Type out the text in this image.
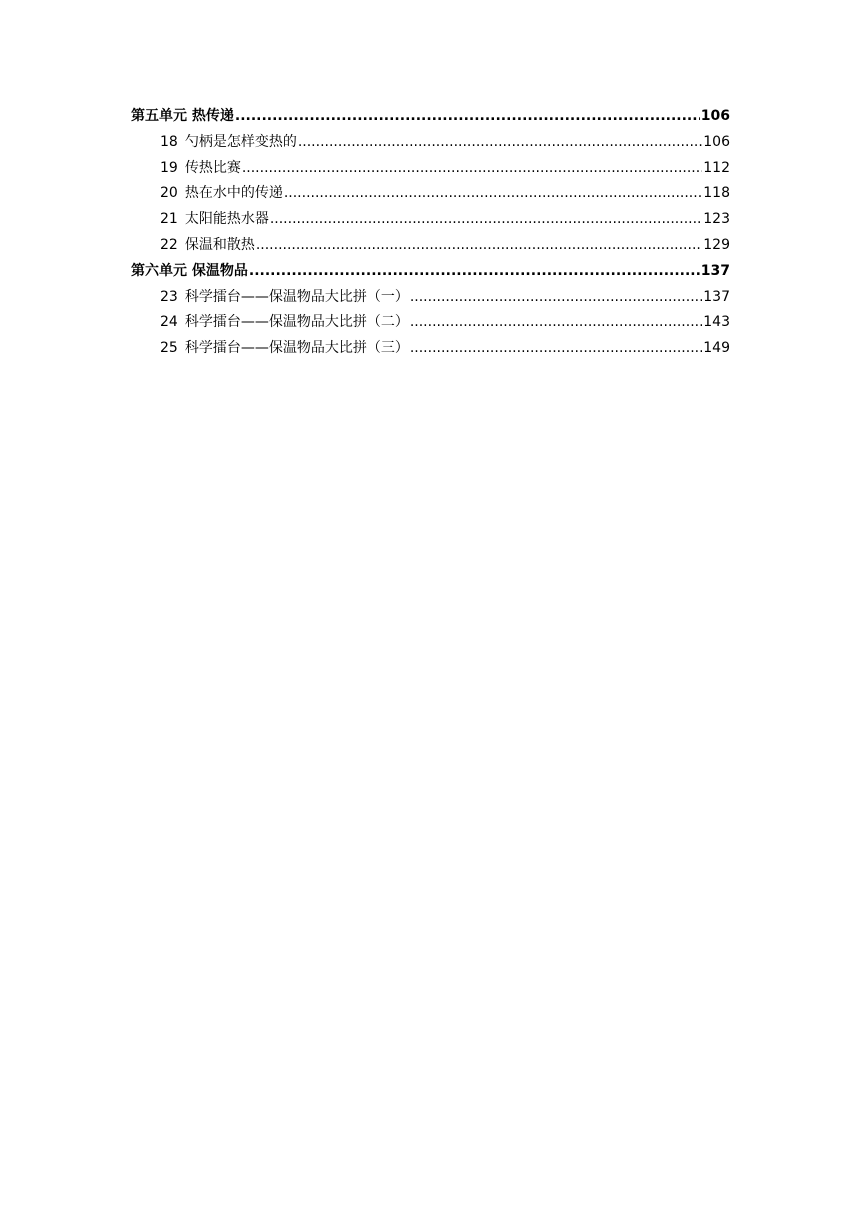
第五单元 热传递 .....	106
18 勺柄是怎样变热的 .....	106
19 传热比赛 .....	112
20 热在水中的传递 .....	118
21 太阳能热水器 .....	123
22 保温和散热 .....	129
第六单元 保温物品 .....	137
23 科学擂台——保温物品大比拼（一） .....	137
24 科学擂台——保温物品大比拼（二） .....	143
25 科学擂台——保温物品大比拼（三） .....	149
